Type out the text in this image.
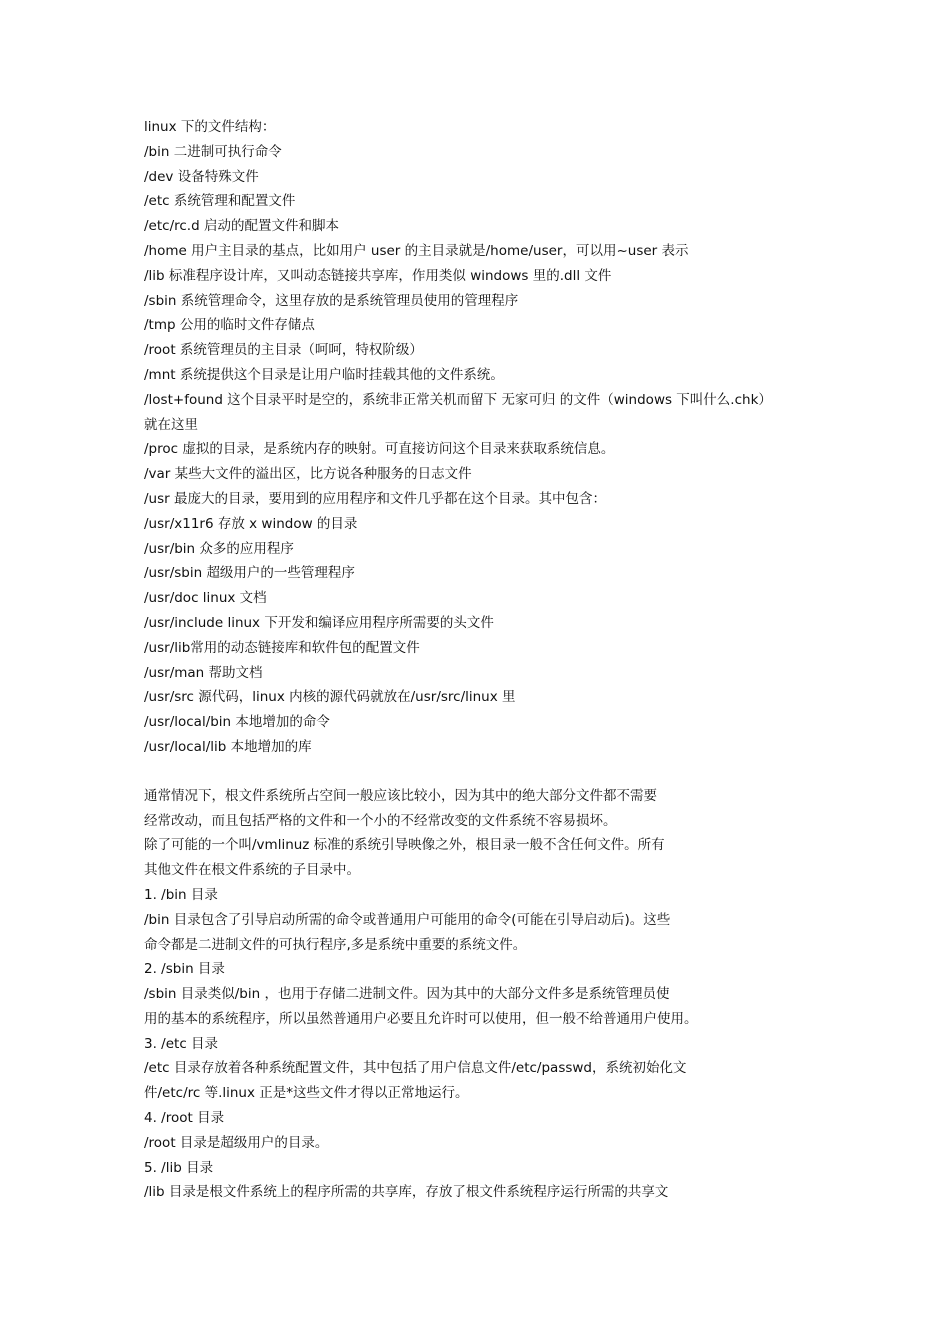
linux 下的文件结构：
/bin 二进制可执行命令
/dev 设备特殊文件
/etc 系统管理和配置文件
/etc/rc.d 启动的配置文件和脚本
/home 用户主目录的基点，比如用户 user 的主目录就是/home/user，可以用~user 表示
/lib 标准程序设计库，又叫动态链接共享库，作用类似 windows 里的.dll 文件
/sbin 系统管理命令，这里存放的是系统管理员使用的管理程序
/tmp 公用的临时文件存储点
/root 系统管理员的主目录（呵呵，特权阶级）
/mnt 系统提供这个目录是让用户临时挂载其他的文件系统。
/lost+found 这个目录平时是空的，系统非正常关机而留下 无家可归 的文件（windows 下叫什么.chk）
就在这里
/proc 虚拟的目录，是系统内存的映射。可直接访问这个目录来获取系统信息。
/var 某些大文件的溢出区，比方说各种服务的日志文件
/usr 最庞大的目录，要用到的应用程序和文件几乎都在这个目录。其中包含：
/usr/x11r6 存放 x window 的目录
/usr/bin 众多的应用程序
/usr/sbin 超级用户的一些管理程序
/usr/doc linux 文档
/usr/include linux 下开发和编译应用程序所需要的头文件
/usr/lib常用的动态链接库和软件包的配置文件
/usr/man 帮助文档
/usr/src 源代码，linux 内核的源代码就放在/usr/src/linux 里
/usr/local/bin 本地增加的命令
/usr/local/lib 本地增加的库
通常情况下，根文件系统所占空间一般应该比较小，因为其中的绝大部分文件都不需要
经常改动，而且包括严格的文件和一个小的不经常改变的文件系统不容易损坏。
除了可能的一个叫/vmlinuz 标准的系统引导映像之外，根目录一般不含任何文件。所有
其他文件在根文件系统的子目录中。
1. /bin 目录
/bin 目录包含了引导启动所需的命令或普通用户可能用的命令(可能在引导启动后)。这些
命令都是二进制文件的可执行程序,多是系统中重要的系统文件。
2. /sbin 目录
/sbin 目录类似/bin ，也用于存储二进制文件。因为其中的大部分文件多是系统管理员使
用的基本的系统程序，所以虽然普通用户必要且允许时可以使用，但一般不给普通用户使用。
3. /etc 目录
/etc 目录存放着各种系统配置文件，其中包括了用户信息文件/etc/passwd，系统初始化文
件/etc/rc 等.linux 正是*这些文件才得以正常地运行。
4. /root 目录
/root 目录是超级用户的目录。
5. /lib 目录
/lib 目录是根文件系统上的程序所需的共享库，存放了根文件系统程序运行所需的共享文
